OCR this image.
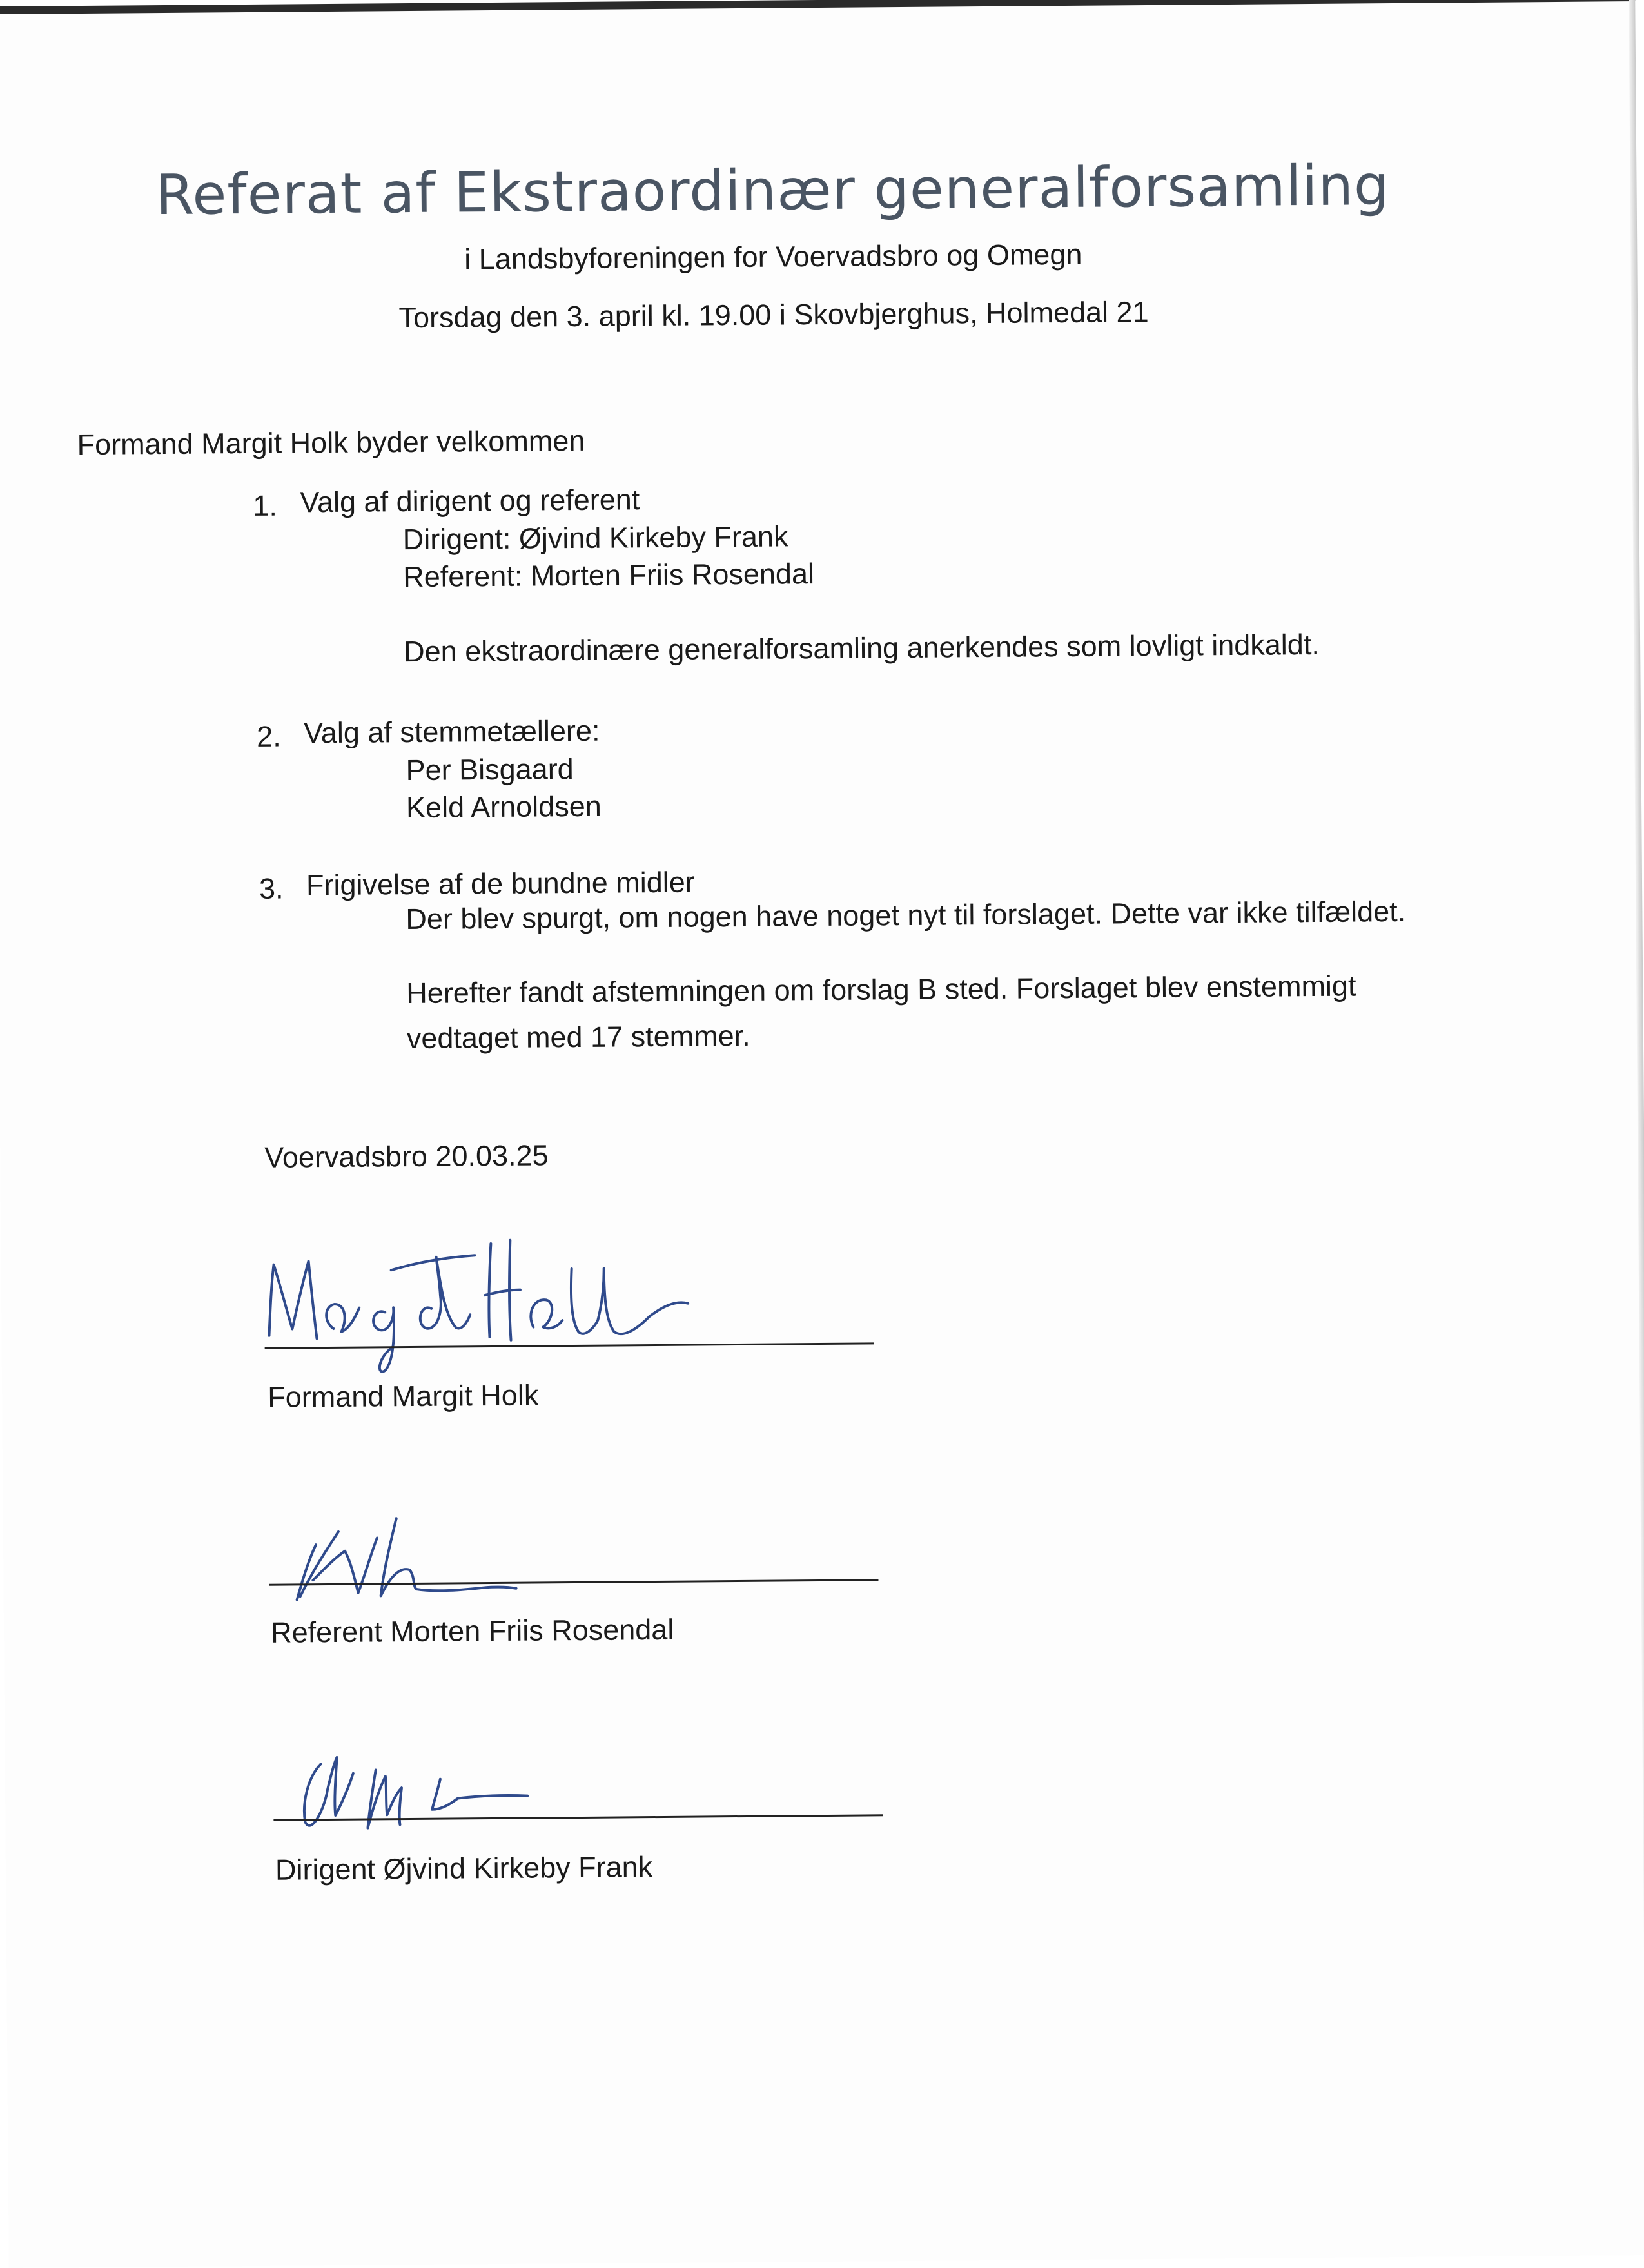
Referat af Ekstraordinær generalforsamling
i Landsbyforeningen for Voervadsbro og Omegn
Torsdag den 3. april kl. 19.00 i Skovbjerghus, Holmedal 21
Formand Margit Holk byder velkommen
1. Valg af dirigent og referent
Dirigent: Øjvind Kirkeby Frank
Referent: Morten Friis Rosendal
Den ekstraordinære generalforsamling anerkendes som lovligt indkaldt.
2. Valg af stemmetællere:
Per Bisgaard
Keld Arnoldsen
3. Frigivelse af de bundne midler
Der blev spurgt, om nogen have noget nyt til forslaget. Dette var ikke tilfældet.
Herefter fandt afstemningen om forslag B sted. Forslaget blev enstemmigt
vedtaget med 17 stemmer.
Voervadsbro 20.03.25
Formand Margit Holk
Referent Morten Friis Rosendal
Dirigent Øjvind Kirkeby Frank
